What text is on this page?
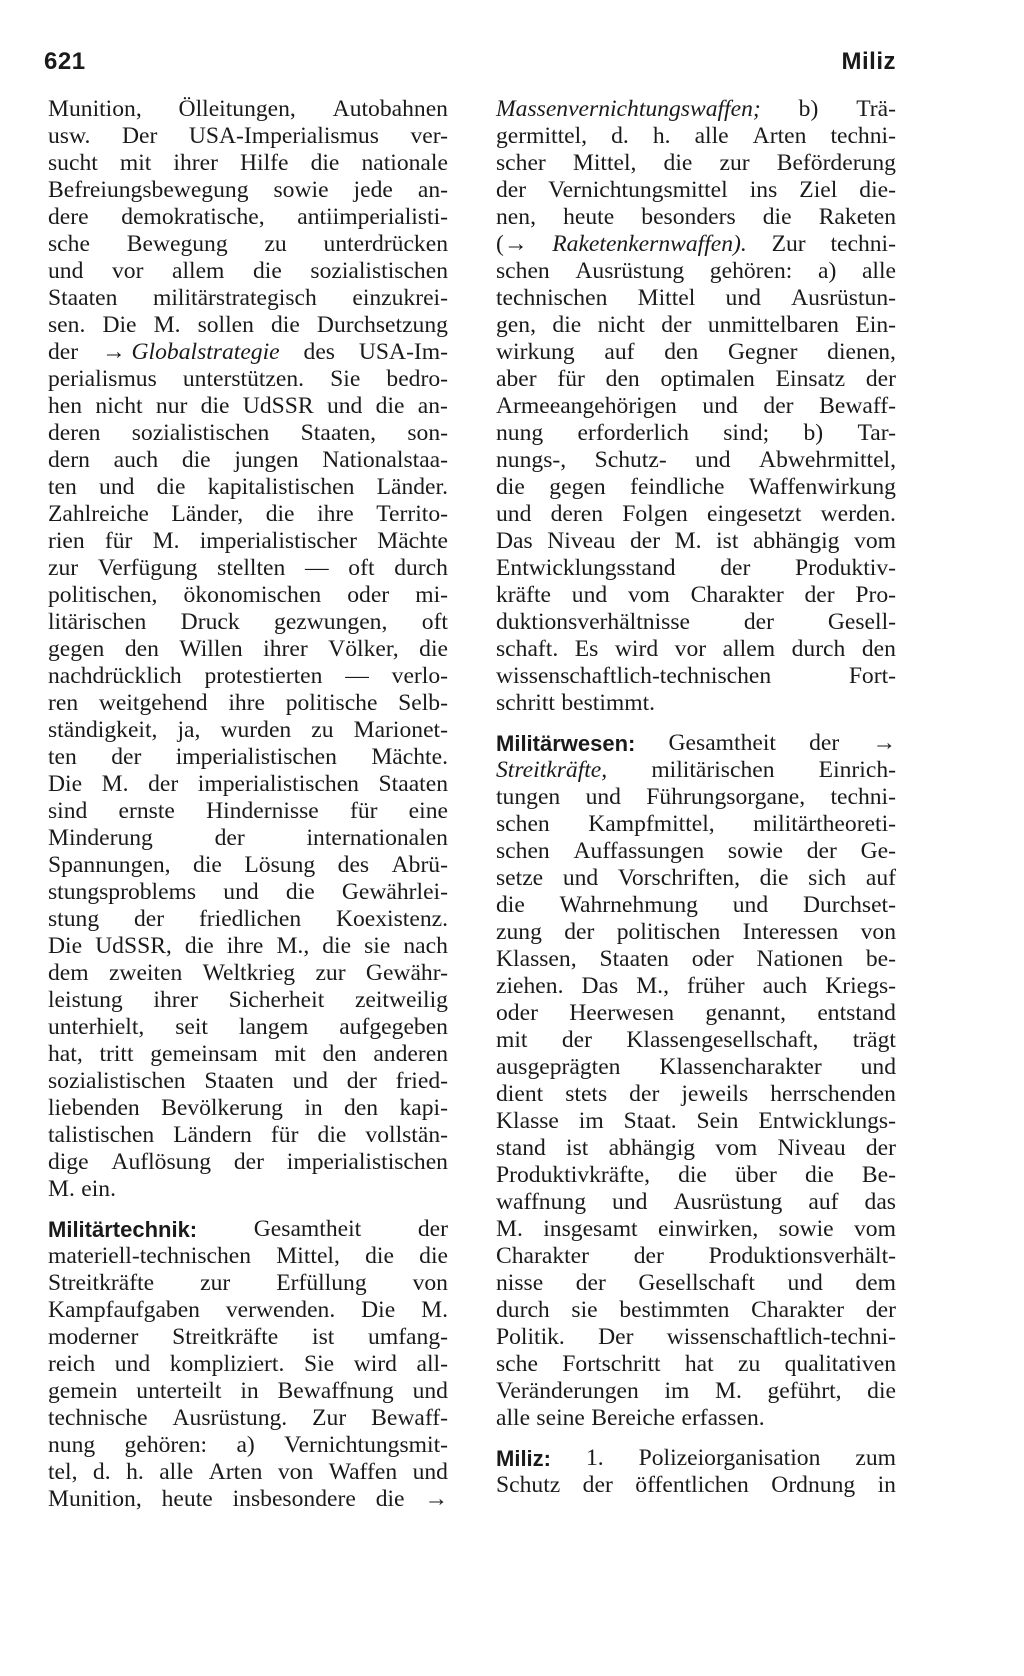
621	Miliz

Munition, Ölleitungen, Autobahnen
usw. Der USA-Imperialismus ver-
sucht mit ihrer Hilfe die nationale
Befreiungsbewegung sowie jede an-
dere demokratische, antiimperialisti-
sche Bewegung zu unterdrücken
und vor allem die sozialistischen
Staaten militärstrategisch einzukrei-
sen. Die M. sollen die Durchsetzung
der → Globalstrategie des USA-Im-
perialismus unterstützen. Sie bedro-
hen nicht nur die UdSSR und die an-
deren sozialistischen Staaten, son-
dern auch die jungen Nationalstaa-
ten und die kapitalistischen Länder.
Zahlreiche Länder, die ihre Territo-
rien für M. imperialistischer Mächte
zur Verfügung stellten — oft durch
politischen, ökonomischen oder mi-
litärischen Druck gezwungen, oft
gegen den Willen ihrer Völker, die
nachdrücklich protestierten — verlo-
ren weitgehend ihre politische Selb-
ständigkeit, ja, wurden zu Marionet-
ten der imperialistischen Mächte.
Die M. der imperialistischen Staaten
sind ernste Hindernisse für eine
Minderung	der	internationalen
Spannungen, die Lösung des Abrü-
stungsproblems und die Gewährlei-
stung der friedlichen Koexistenz.
Die UdSSR, die ihre M., die sie nach
dem zweiten Weltkrieg zur Gewähr-
leistung ihrer Sicherheit zeitweilig
unterhielt, seit langem aufgegeben
hat, tritt gemeinsam mit den anderen
sozialistischen Staaten und der fried-
liebenden Bevölkerung in den kapi-
talistischen Ländern für die vollstän-
dige Auflösung der imperialistischen
M. ein.

Militärtechnik: Gesamtheit der
materiell-technischen Mittel, die die
Streitkräfte zur Erfüllung von
Kampfaufgaben verwenden. Die M.
moderner Streitkräfte ist umfang-
reich und kompliziert. Sie wird all-
gemein unterteilt in Bewaffnung und
technische Ausrüstung. Zur Bewaff-
nung gehören: a) Vernichtungsmit-
tel, d. h. alle Arten von Waffen und
Munition, heute insbesondere die →

Massenvernichtungswaffen; b) Trä-
germittel, d. h. alle Arten techni-
scher Mittel, die zur Beförderung
der Vernichtungsmittel ins Ziel die-
nen, heute besonders die Raketen
(→ Raketenkernwaffen). Zur techni-
schen Ausrüstung gehören: a) alle
technischen Mittel und Ausrüstun-
gen, die nicht der unmittelbaren Ein-
wirkung auf den Gegner dienen,
aber für den optimalen Einsatz der
Armeeangehörigen und der Bewaff-
nung erforderlich sind; b) Tar-
nungs-, Schutz- und Abwehrmittel,
die gegen feindliche Waffenwirkung
und deren Folgen eingesetzt werden.
Das Niveau der M. ist abhängig vom
Entwicklungsstand der Produktiv-
kräfte und vom Charakter der Pro-
duktionsverhältnisse der Gesell-
schaft. Es wird vor allem durch den
wissenschaftlich-technischen	Fort-
schritt bestimmt.

Militärwesen: Gesamtheit der →
Streitkräfte, militärischen Einrich-
tungen und Führungsorgane, techni-
schen Kampfmittel, militärtheoreti-
schen Auffassungen sowie der Ge-
setze und Vorschriften, die sich auf
die Wahrnehmung und Durchset-
zung der politischen Interessen von
Klassen, Staaten oder Nationen be-
ziehen. Das M., früher auch Kriegs-
oder Heerwesen genannt, entstand
mit der Klassengesellschaft, trägt
ausgeprägten Klassencharakter und
dient stets der jeweils herrschenden
Klasse im Staat. Sein Entwicklungs-
stand ist abhängig vom Niveau der
Produktivkräfte, die über die Be-
waffnung und Ausrüstung auf das
M. insgesamt einwirken, sowie vom
Charakter der Produktionsverhält-
nisse der Gesellschaft und dem
durch sie bestimmten Charakter der
Politik. Der wissenschaftlich-techni-
sche Fortschritt hat zu qualitativen
Veränderungen im M. geführt, die
alle seine Bereiche erfassen.

Miliz: 1. Polizeiorganisation zum
Schutz der öffentlichen Ordnung in
